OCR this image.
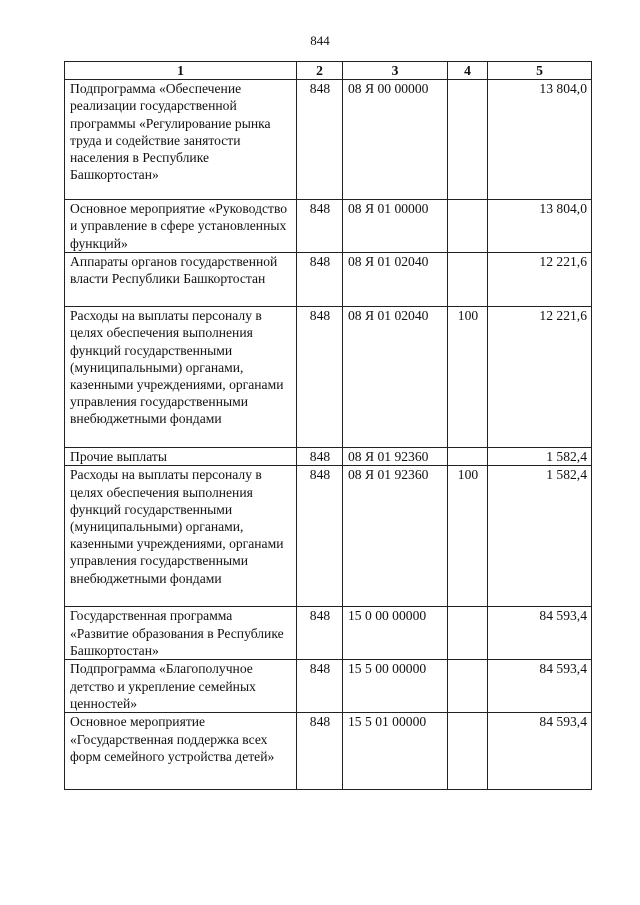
844
1	2	3	4	5
Подпрограмма «Обеспечение реализации государственной программы «Регулирование рынка труда и содействие занятости населения в Республике Башкортостан»	848	08 Я 00 00000		13 804,0
Основное мероприятие «Руководство и управление в сфере установленных функций»	848	08 Я 01 00000		13 804,0
Аппараты органов государственной власти Республики Башкортостан	848	08 Я 01 02040		12 221,6
Расходы на выплаты персоналу в целях обеспечения выполнения функций государственными (муниципальными) органами, казенными учреждениями, органами управления государственными внебюджетными фондами	848	08 Я 01 02040	100	12 221,6
Прочие выплаты	848	08 Я 01 92360		1 582,4
Расходы на выплаты персоналу в целях обеспечения выполнения функций государственными (муниципальными) органами, казенными учреждениями, органами управления государственными внебюджетными фондами	848	08 Я 01 92360	100	1 582,4
Государственная программа «Развитие образования в Республике Башкортостан»	848	15 0 00 00000		84 593,4
Подпрограмма «Благополучное детство и укрепление семейных ценностей»	848	15 5 00 00000		84 593,4
Основное мероприятие «Государственная поддержка всех форм семейного устройства детей»	848	15 5 01 00000		84 593,4
